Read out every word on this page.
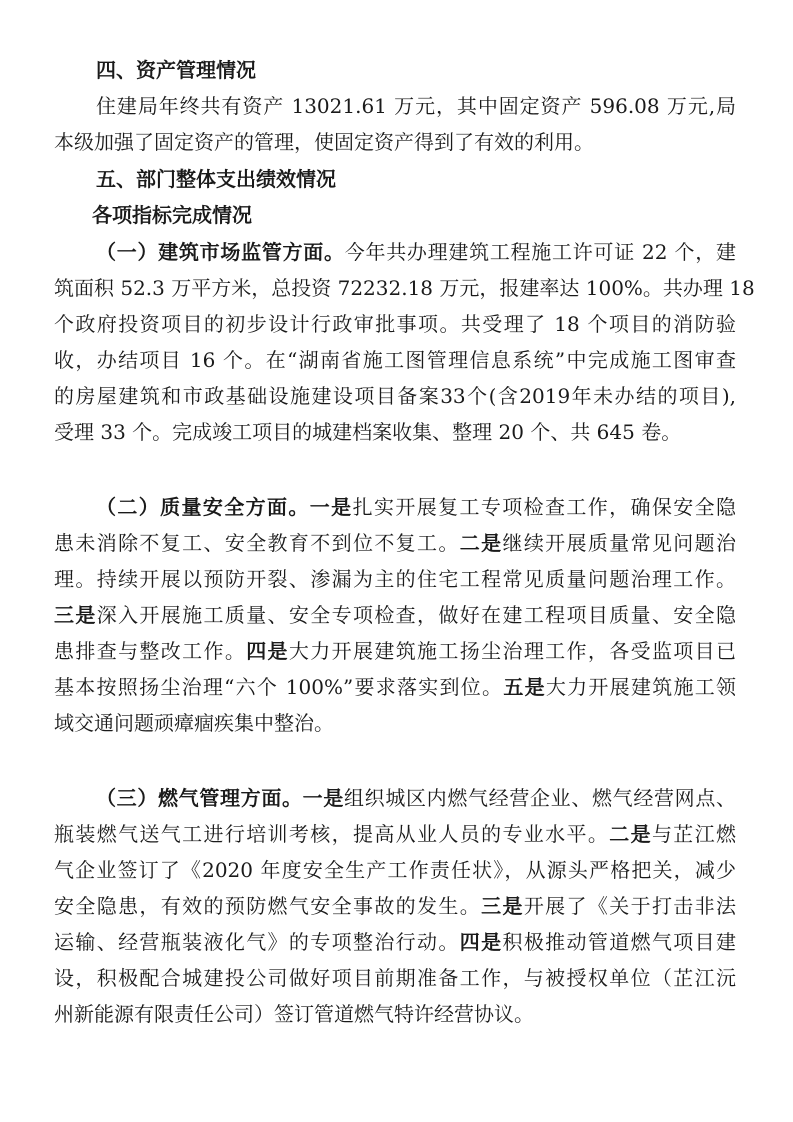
四、资产管理情况
住建局年终共有资产 13021.61 万元，其中固定资产 596.08 万元,局
本级加强了固定资产的管理，使固定资产得到了有效的利用。
五、部门整体支出绩效情况
各项指标完成情况
（一）建筑市场监管方面。今年共办理建筑工程施工许可证 22 个，建
筑面积 52.3 万平方米，总投资 72232.18 万元，报建率达 100%。共办理 18
个政府投资项目的初步设计行政审批事项。共受理了 18 个项目的消防验
收，办结项目 16 个。在“湖南省施工图管理信息系统”中完成施工图审查
的房屋建筑和市政基础设施建设项目备案33个(含2019年未办结的项目),
受理 33 个。完成竣工项目的城建档案收集、整理 20 个、共 645 卷。
（二）质量安全方面。一是扎实开展复工专项检查工作，确保安全隐
患未消除不复工、安全教育不到位不复工。二是继续开展质量常见问题治
理。持续开展以预防开裂、渗漏为主的住宅工程常见质量问题治理工作。
三是深入开展施工质量、安全专项检查，做好在建工程项目质量、安全隐
患排查与整改工作。四是大力开展建筑施工扬尘治理工作，各受监项目已
基本按照扬尘治理“六个 100%”要求落实到位。五是大力开展建筑施工领
域交通问题顽瘴痼疾集中整治。
（三）燃气管理方面。一是组织城区内燃气经营企业、燃气经营网点、
瓶装燃气送气工进行培训考核，提高从业人员的专业水平。二是与芷江燃
气企业签订了《2020 年度安全生产工作责任状》，从源头严格把关，减少
安全隐患，有效的预防燃气安全事故的发生。三是开展了《关于打击非法
运输、经营瓶装液化气》的专项整治行动。四是积极推动管道燃气项目建
设，积极配合城建投公司做好项目前期准备工作，与被授权单位（芷江沅
州新能源有限责任公司）签订管道燃气特许经营协议。
